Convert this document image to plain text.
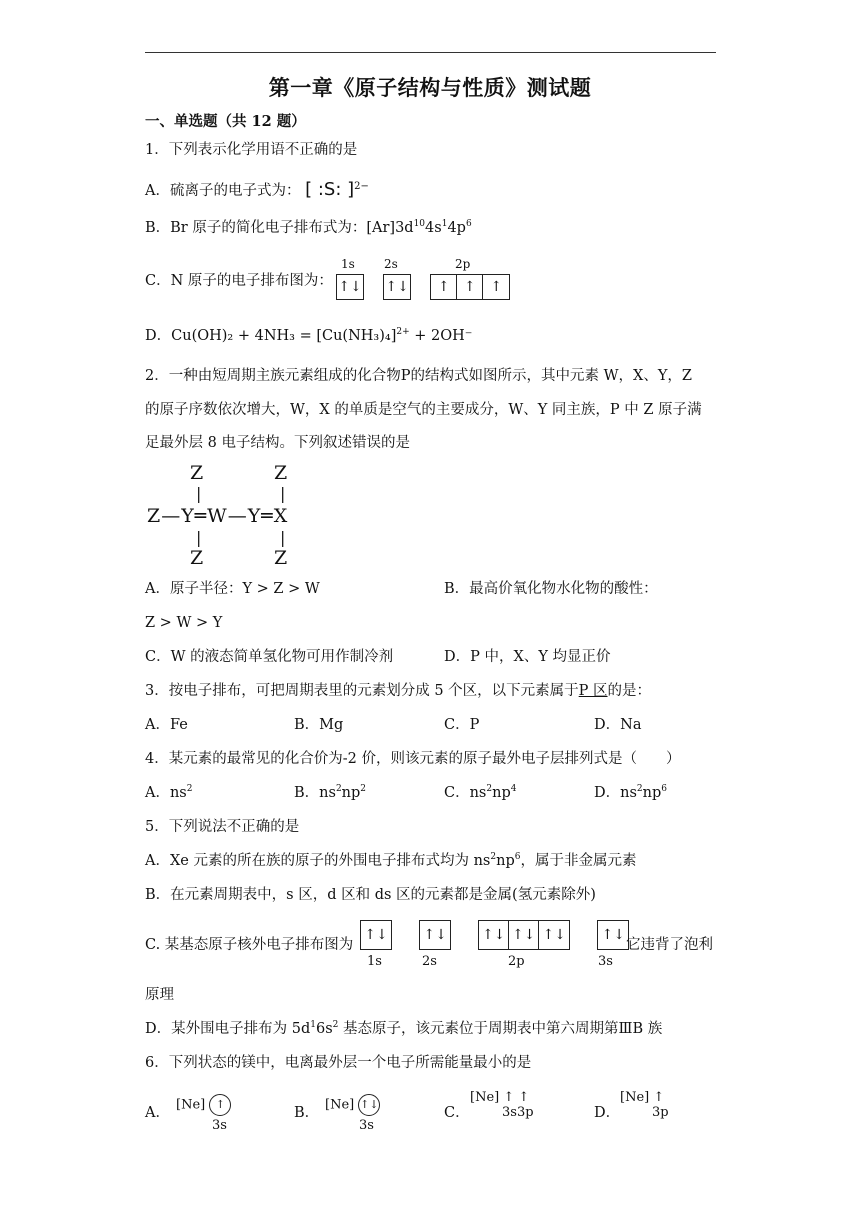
第一章《原子结构与性质》测试题
一、单选题（共 12 题）
1．下列表示化学用语不正确的是
A．硫离子的电子式为： [ :S: ]$^{2-}$
B．Br 原子的简化电子排布式为：$[Ar]3d^{10}4s^14p^6$
C．N 原子的电子排布图为：
1s 2s	2p
↑↓ ↑↓ ↑ ↑ ↑
D．$Cu(OH)_2 + 4NH_3 = [Cu(NH_3)_4]^{2+} + 2OH^-$
2．一种由短周期主族元素组成的化合物P的结构式如图所示，其中元素 W，X、Y，Z
的原子序数依次增大，W，X 的单质是空气的主要成分，W、Y 同主族，P 中 Z 原子满
足最外层 8 电子结构。下列叙述错误的是
Z	Z
|	|
Z—Y═W—Y═X
|	|
Z	Z
A．原子半径：Y > Z > W	B．最高价氧化物水化物的酸性：
Z > W > Y
C．W 的液态简单氢化物可用作制冷剂	D．P 中，X、Y 均显正价
3．按电子排布，可把周期表里的元素划分成 5 个区，以下元素属于P 区的是：
A．Fe	B．Mg	C．P	D．Na
4．某元素的最常见的化合价为-2 价，则该元素的原子最外电子层排列式是（　　）
A．$ns^2$	B．$ns^2np^2$	C．$ns^2np^4$	D．$ns^2np^6$
5．下列说法不正确的是
A．Xe 元素的所在族的原子的外围电子排布式均为 $ns^2np^6$，属于非金属元素
B．在元素周期表中，s 区，d 区和 ds 区的元素都是金属(氢元素除外)
C. 某基态原子核外电子排布图为
↑↓	↑↓	↑↓ ↑↓ ↑↓	↑↓
1s	2s	2p	3s
它违背了泡利
原理
D．某外围电子排布为 $5d^16s^2$ 基态原子，该元素位于周期表中第六周期第ⅢB 族
6．下列状态的镁中，电离最外层一个电子所需能量最小的是
A． [Ne] ↑
3s
B． [Ne] ↑↓
3s
C．
[Ne] ↑ ↑
3s3p	D．
[Ne] ↑
3p
